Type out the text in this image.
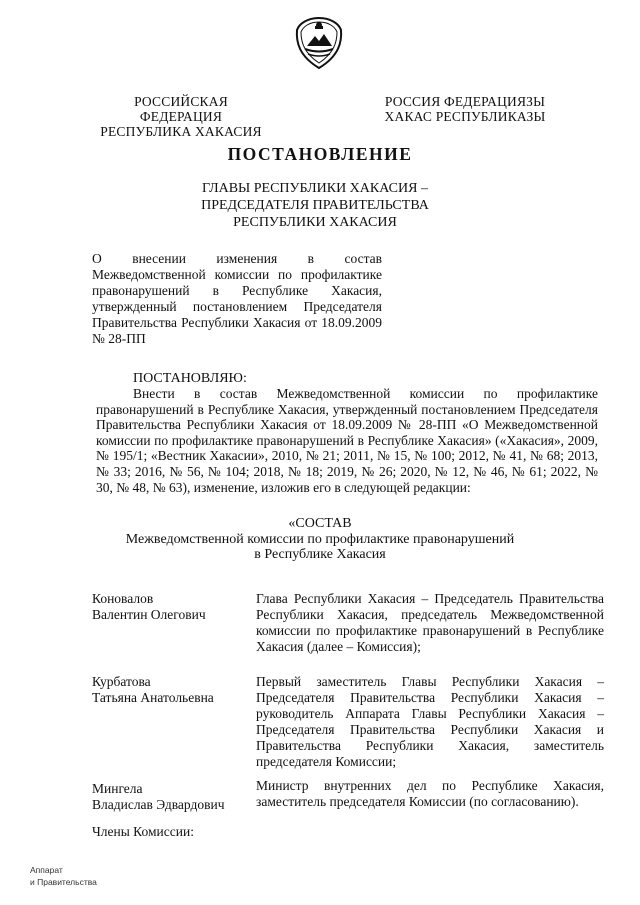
РОССИЙСКАЯ ФЕДЕРАЦИЯ
РЕСПУБЛИКА ХАКАСИЯ
РОССИЯ ФЕДЕРАЦИЯЗЫ
ХАКАС РЕСПУБЛИКАЗЫ
ПОСТАНОВЛЕНИЕ
ГЛАВЫ РЕСПУБЛИКИ ХАКАСИЯ –
ПРЕДСЕДАТЕЛЯ ПРАВИТЕЛЬСТВА
РЕСПУБЛИКИ ХАКАСИЯ
О внесении изменения в состав Межведомственной комиссии по профилактике правонарушений в Республике Хакасия, утвержденный постановлением Председателя Правительства Республики Хакасия от 18.09.2009 № 28-ПП
ПОСТАНОВЛЯЮ:
Внести в состав Межведомственной комиссии по профилактике правонарушений в Республике Хакасия, утвержденный постановлением Председателя Правительства Республики Хакасия от 18.09.2009 № 28-ПП «О Межведомственной комиссии по профилактике правонарушений в Республике Хакасия» («Хакасия», 2009, № 195/1; «Вестник Хакасии», 2010, № 21; 2011, № 15, № 100; 2012, № 41, № 68; 2013, № 33; 2016, № 56, № 104; 2018, № 18; 2019, № 26; 2020, № 12, № 46, № 61; 2022, № 30, № 48, № 63), изменение, изложив его в следующей редакции:
«СОСТАВ
Межведомственной комиссии по профилактике правонарушений
в Республике Хакасия
Коновалов
Валентин Олегович
Глава Республики Хакасия – Председатель Правительства Республики Хакасия, председатель Межведомственной комиссии по профилактике правонарушений в Республике Хакасия (далее – Комиссия);
Курбатова
Татьяна Анатольевна
Первый заместитель Главы Республики Хакасия – Председателя Правительства Республики Хакасия – руководитель Аппарата Главы Республики Хакасия – Председателя Правительства Республики Хакасия и Правительства Республики Хакасия, заместитель председателя Комиссии;
Мингела
Владислав Эдвардович
Министр внутренних дел по Республике Хакасия, заместитель председателя Комиссии (по согласованию).
Члены Комиссии:
Аппарат
и Правительства
